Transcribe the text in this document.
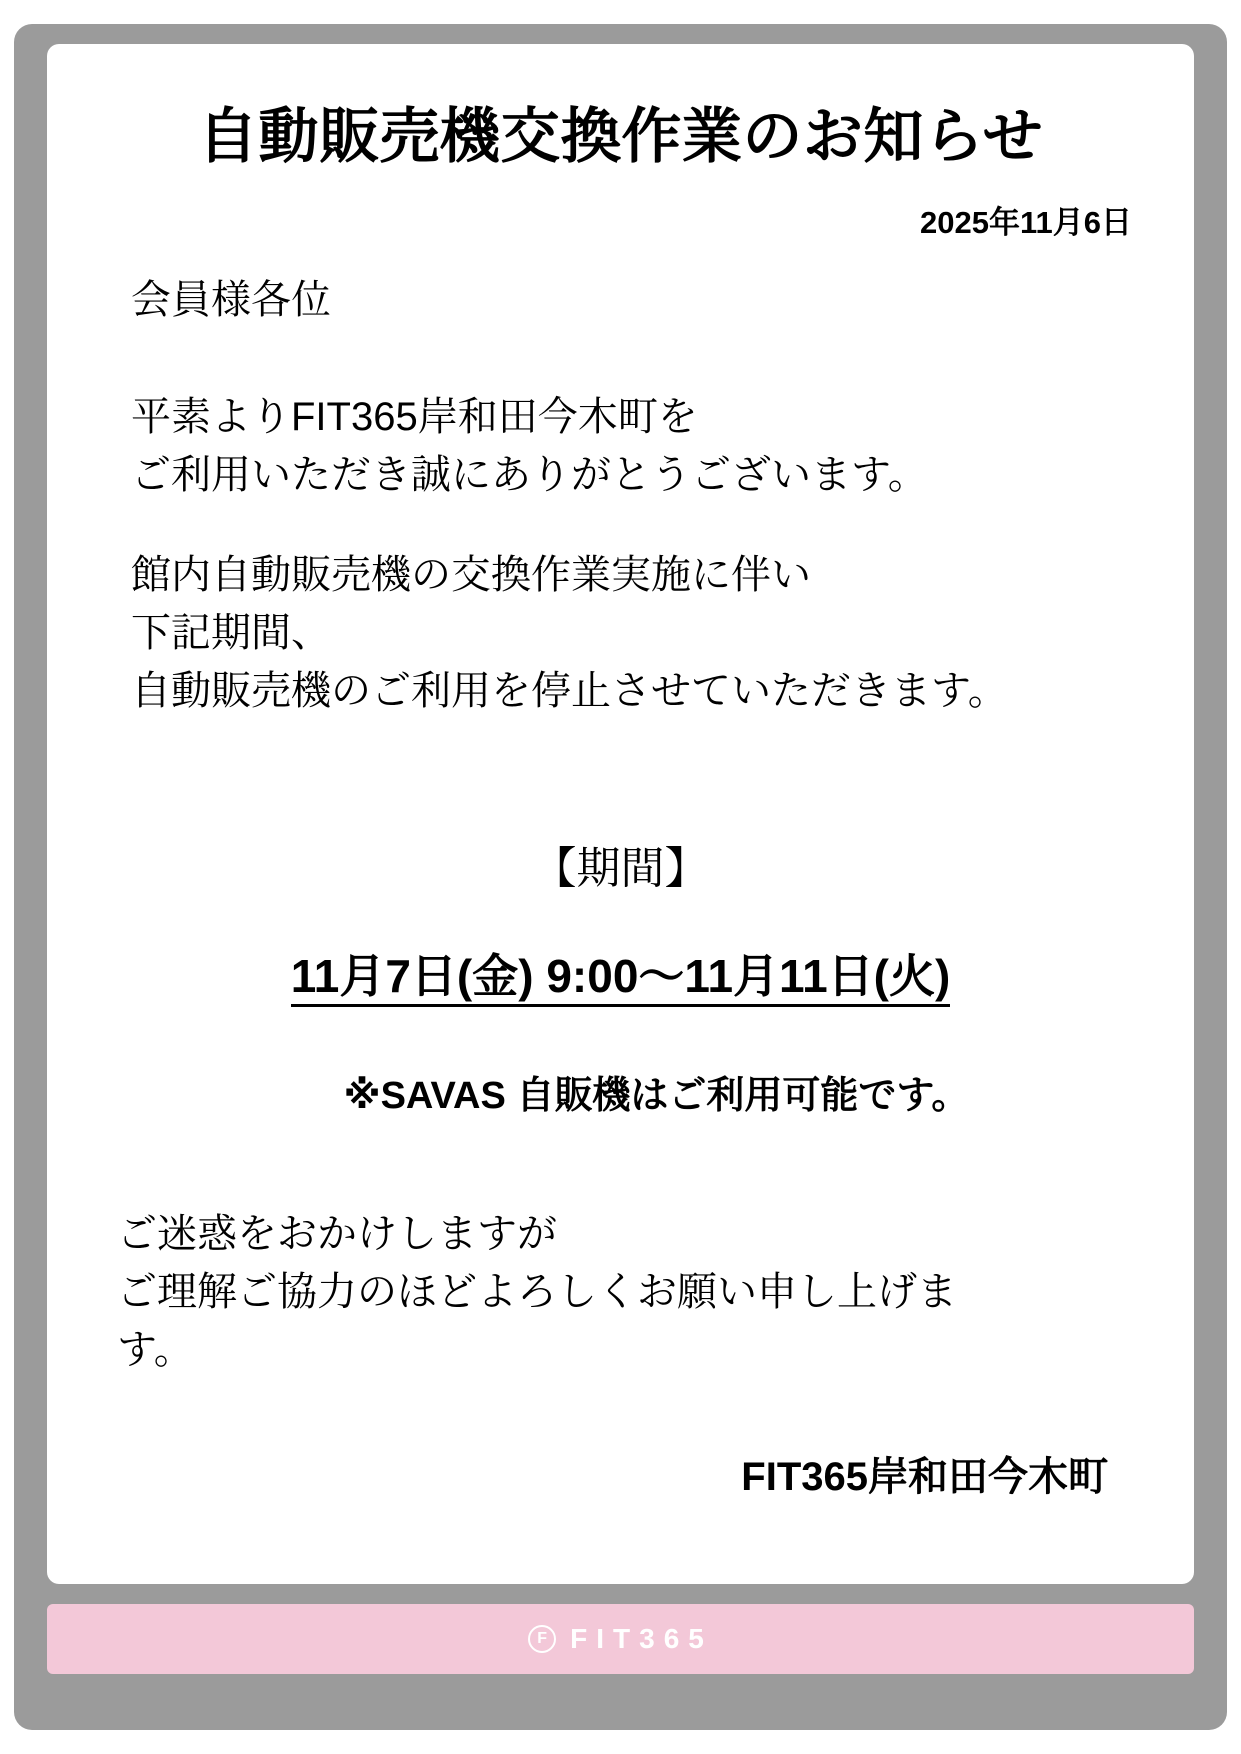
自動販売機交換作業のお知らせ
2025年11月6日
会員様各位

平素よりFIT365岸和田今木町を

ご利用いただき誠にありがとうございます。

館内自動販売機の交換作業実施に伴い

下記期間、

自動販売機のご利用を停止させていただきます。

【期間】
11月7日(金) 9:00〜11月11日(火)
※SAVAS 自販機はご利用可能です。

ご迷惑をおかけしますが

ご理解ご協力のほどよろしくお願い申し上げま

す。

FIT365岸和田今木町
F FIT365
